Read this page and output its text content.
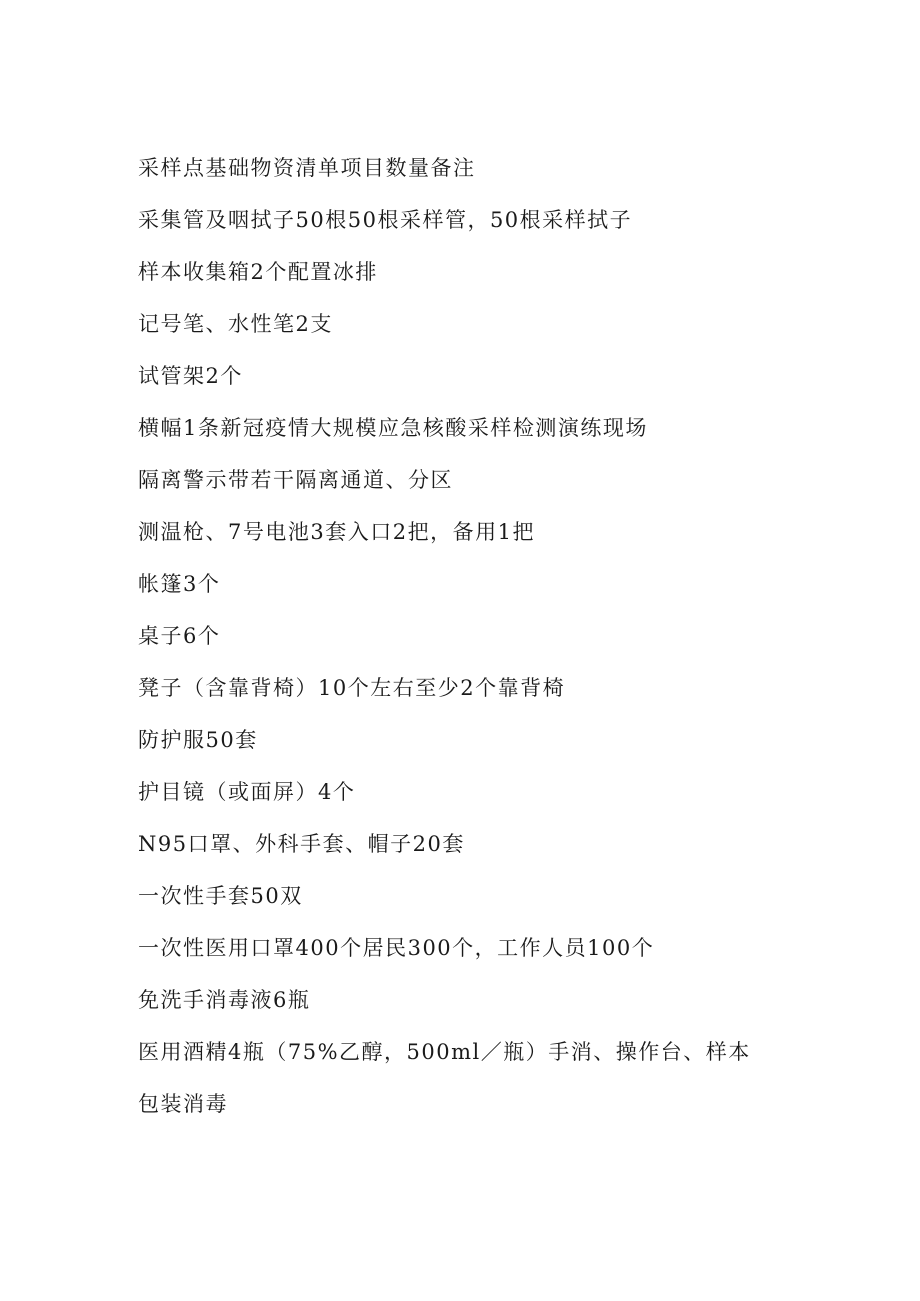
采样点基础物资清单项目数量备注
采集管及咽拭子50根50根采样管，50根采样拭子
样本收集箱2个配置冰排
记号笔、水性笔2支
试管架2个
横幅1条新冠疫情大规模应急核酸采样检测演练现场
隔离警示带若干隔离通道、分区
测温枪、7号电池3套入口2把，备用1把
帐篷3个
桌子6个
凳子（含靠背椅）10个左右至少2个靠背椅
防护服50套
护目镜（或面屏）4个
N95口罩、外科手套、帽子20套
一次性手套50双
一次性医用口罩400个居民300个，工作人员100个
免洗手消毒液6瓶
医用酒精4瓶（75%乙醇，500ml／瓶）手消、操作台、样本
包装消毒
